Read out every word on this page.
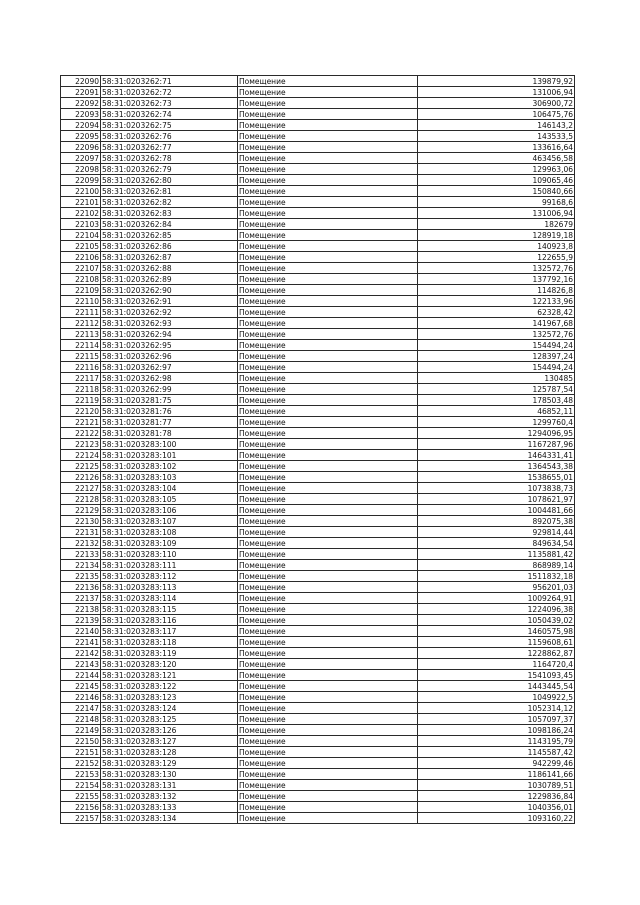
22090	58:31:0203262:71	Помещение	139879,92
22091	58:31:0203262:72	Помещение	131006,94
22092	58:31:0203262:73	Помещение	306900,72
22093	58:31:0203262:74	Помещение	106475,76
22094	58:31:0203262:75	Помещение	146143,2
22095	58:31:0203262:76	Помещение	143533,5
22096	58:31:0203262:77	Помещение	133616,64
22097	58:31:0203262:78	Помещение	463456,58
22098	58:31:0203262:79	Помещение	129963,06
22099	58:31:0203262:80	Помещение	109065,46
22100	58:31:0203262:81	Помещение	150840,66
22101	58:31:0203262:82	Помещение	99168,6
22102	58:31:0203262:83	Помещение	131006,94
22103	58:31:0203262:84	Помещение	182679
22104	58:31:0203262:85	Помещение	128919,18
22105	58:31:0203262:86	Помещение	140923,8
22106	58:31:0203262:87	Помещение	122655,9
22107	58:31:0203262:88	Помещение	132572,76
22108	58:31:0203262:89	Помещение	137792,16
22109	58:31:0203262:90	Помещение	114826,8
22110	58:31:0203262:91	Помещение	122133,96
22111	58:31:0203262:92	Помещение	62328,42
22112	58:31:0203262:93	Помещение	141967,68
22113	58:31:0203262:94	Помещение	132572,76
22114	58:31:0203262:95	Помещение	154494,24
22115	58:31:0203262:96	Помещение	128397,24
22116	58:31:0203262:97	Помещение	154494,24
22117	58:31:0203262:98	Помещение	130485
22118	58:31:0203262:99	Помещение	125787,54
22119	58:31:0203281:75	Помещение	178503,48
22120	58:31:0203281:76	Помещение	46852,11
22121	58:31:0203281:77	Помещение	1299760,4
22122	58:31:0203281:78	Помещение	1294096,95
22123	58:31:0203283:100	Помещение	1167287,96
22124	58:31:0203283:101	Помещение	1464331,41
22125	58:31:0203283:102	Помещение	1364543,38
22126	58:31:0203283:103	Помещение	1538655,01
22127	58:31:0203283:104	Помещение	1073838,73
22128	58:31:0203283:105	Помещение	1078621,97
22129	58:31:0203283:106	Помещение	1004481,66
22130	58:31:0203283:107	Помещение	892075,38
22131	58:31:0203283:108	Помещение	929814,44
22132	58:31:0203283:109	Помещение	849634,54
22133	58:31:0203283:110	Помещение	1135881,42
22134	58:31:0203283:111	Помещение	868989,14
22135	58:31:0203283:112	Помещение	1511832,18
22136	58:31:0203283:113	Помещение	956201,03
22137	58:31:0203283:114	Помещение	1009264,91
22138	58:31:0203283:115	Помещение	1224096,38
22139	58:31:0203283:116	Помещение	1050439,02
22140	58:31:0203283:117	Помещение	1460575,98
22141	58:31:0203283:118	Помещение	1159608,61
22142	58:31:0203283:119	Помещение	1228862,87
22143	58:31:0203283:120	Помещение	1164720,4
22144	58:31:0203283:121	Помещение	1541093,45
22145	58:31:0203283:122	Помещение	1443445,54
22146	58:31:0203283:123	Помещение	1049922,5
22147	58:31:0203283:124	Помещение	1052314,12
22148	58:31:0203283:125	Помещение	1057097,37
22149	58:31:0203283:126	Помещение	1098186,24
22150	58:31:0203283:127	Помещение	1143195,79
22151	58:31:0203283:128	Помещение	1145587,42
22152	58:31:0203283:129	Помещение	942299,46
22153	58:31:0203283:130	Помещение	1186141,66
22154	58:31:0203283:131	Помещение	1030789,51
22155	58:31:0203283:132	Помещение	1229836,84
22156	58:31:0203283:133	Помещение	1040356,01
22157	58:31:0203283:134	Помещение	1093160,22
